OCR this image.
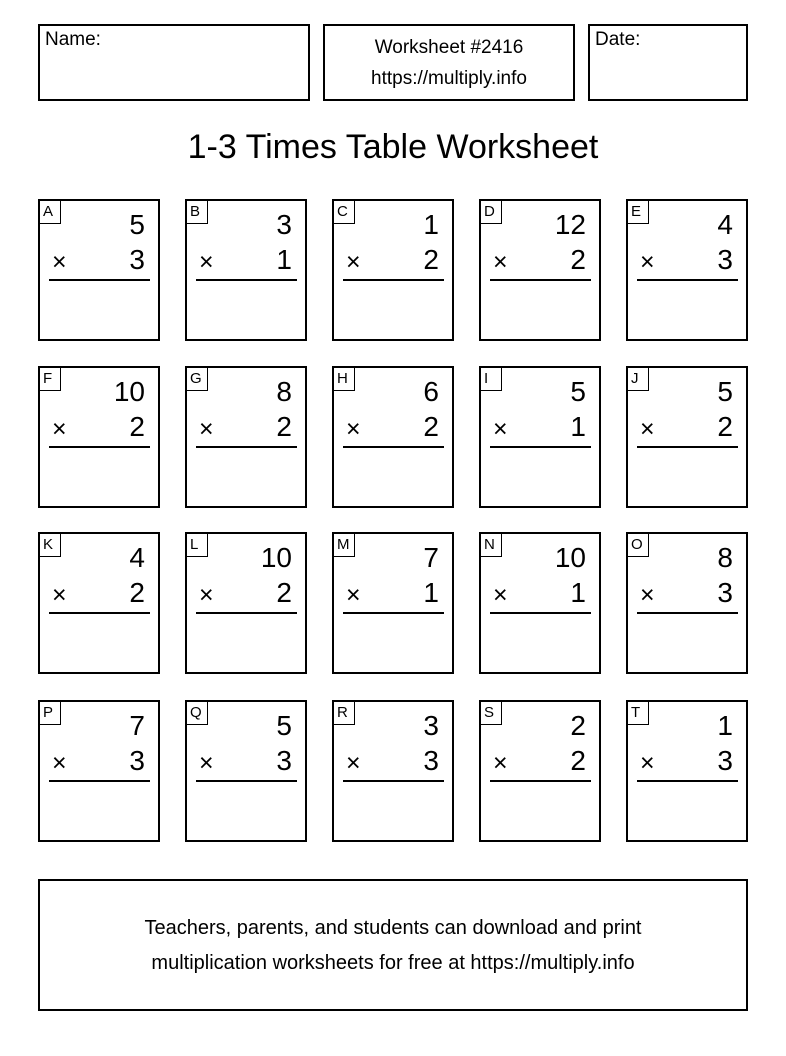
Name:	Worksheet #2416
https://multiply.info
Date:
1-3 Times Table Worksheet
A	5
× 3
B	3
× 1
C	1
× 2
D 12
× 2
E	4
× 3
F	10
× 2
G	8
× 2
H	6
× 2
I	5
× 1
J	5
× 2
K	4
× 2
L	10
× 2
M	7
× 1
N 10
× 1
O	8
× 3
P	7
× 3
Q	5
× 3
R	3
× 3
S	2
× 2
T	1
× 3
Teachers, parents, and students can download and print
multiplication worksheets for free at https://multiply.info
